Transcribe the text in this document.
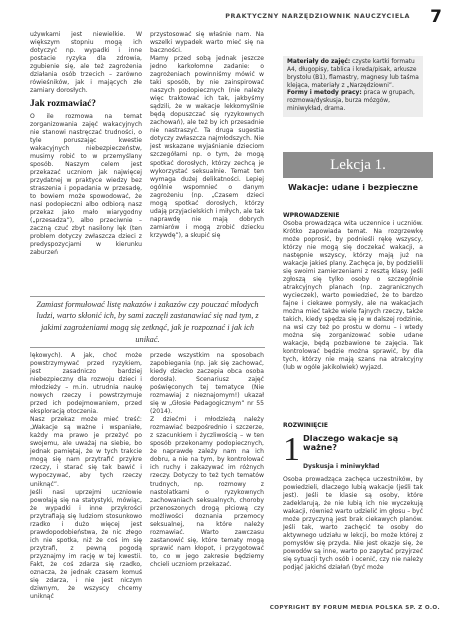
PRAKTYCZNY NARZĘDZIOWNIK NAUCZYCIELA 7

używkami jest niewielkie. W większym stopniu mogą ich dotyczyć np. wypadki i inne postacie ryzyka dla zdrowia, zgubienie się, ale też zagrożenia działania osób trzecich – zarówno rówieśników, jak i mających złe zamiary dorosłych.

Jak rozmawiać?

O ile rozmowa na temat zorganizowania zajęć wakacyjnych nie stanowi nastręczać trudności, o tyle poruszając kwestie wakacyjnych niebezpieczeństw, musimy robić to w przemyślany sposób. Naszym celem jest przekazać uczniom jak najwięcej przydatnej w praktyce wiedzy bez straszenia i popadania w przesadę, to bowiem może spowodować, że nasi podopieczni albo odbiorą nasz przekaz jako mało wiarygodny („przesadza”), albo przeciwnie – zaczną czuć zbyt nasilony lęk (ten problem dotyczy zwłaszcza dzieci z predyspozycjami w kierunku zaburzeń

przystosować się właśnie nam. Na wszelki wypadek warto mieć się na baczności.

Mamy przed sobą jednak jeszcze jedno karkołomne zadanie: o zagrożeniach powinniśmy mówić w taki sposób, by nie zainspirować naszych podopiecznych (nie należy więc traktować ich tak, jakbyśmy sądzili, że w wakacje lekkomyślnie będą dopuszczać się ryzykownych zachowań), ale też by ich przesadnie nie nastraszyć. Ta druga sugestia dotyczy zwłaszcza najmłodszych. Nie jest wskazane wyjaśnianie dzieciom szczegółami np. o tym, że mogą spotkać dorosłych, którzy zechcą je wykorzystać seksualnie. Temat ten wymaga dużej delikatności. Lepiej ogólnie wspomnieć o danym zagrożeniu (np. „Czasem dzieci mogą spotkać dorosłych, którzy udają przyjacielskich i miłych, ale tak naprawdę nie mają dobrych zamiarów i mogą zrobić dziecku krzywdę”), a skupić się

Zamiast formułować listę nakazów i zakazów czy pouczać młodych ludzi, warto skłonić ich, by sami zaczęli zastanawiać się nad tym, z jakimi zagrożeniami mogą się zetknąć, jak je rozpoznać i jak ich unikać.

lękowych). A jak, choć może powstrzymywać przed ryzykiem, jest zasadniczo bardziej niebezpieczny dla rozwoju dzieci i młodzieży – m.in. utrudnia naukę nowych rzeczy i powstrzymuje przed ich podejmowaniem, przed eksploracją otoczenia.

Nasz przekaz może mieć treść: „Wakacje są ważne i wspaniałe, każdy ma prawo je przeżyć po swojemu, ale uważaj na siebie, bo jednak pamiętaj, że w tych trakcie mogą się nam przytrafić przykre rzeczy, i starać się tak bawić i wypoczywać, aby tych rzeczy uniknąć”.

Jeśli nasi uprzejmi uczniowie powołają się na statystyki, mówiąc, że wypadki i inne przykrości przytrafiają się ludziom stosunkowo rzadko i dużo więcej jest prawdopodobieństwa, że nic złego ich nie spotka, niż że coś im się przytrafi, z pewną pogodą przyznajmy im rację w tej kwestii. Fakt, że coś zdarza się rzadko, oznacza, że jednak czasem komuś się zdarza, i nie jest niczym dziwnym, że wszyscy chcemy uniknąć

przede wszystkim na sposobach zapobiegania (np. jak się zachować, kiedy dziecko zaczepia obca osoba dorosła). Scenariusz zajęć poświęconych tej tematyce (Nie rozmawiaj z nieznajomym!) ukazał się w „Głosie Pedagogicznym” nr 55 (2014).

Z dziećmi i młodzieżą należy rozmawiać bezpośrednio i szczerze, z szacunkiem i życzliwością – w ten sposób przekonamy podopiecznych, że naprawdę zależy nam na ich dobru, a nie na tym, by kontrolować ich ruchy i zakazywać im różnych rzeczy. Dotyczy to też tych tematów trudnych, np. rozmowy z nastolatkami o ryzykownych zachowaniach seksualnych, choroby przenoszonych drogą płciową czy możliwości doznania przemocy seksualnej, na które należy rozmawiać. Warto zawczasu zastanowić się, które tematy mogą sprawić nam kłopot, i przygotować to, co w jego zakresie będziemy chcieli uczniom przekazać.

Materiały do zajęć: czyste kartki formatu A4, długopisy, tablica i kreda/pisak, arkusze brystolu (B1), flamastry, magnesy lub taśma klejąca, materiały z „Narzędziowni”.
Formy i metody pracy: praca w grupach, rozmowa/dyskusja, burza mózgów, miniwykład, drama.
Lekcja 1.
Wakacje: udane i bezpieczne
WPROWADZENIE

Osoba prowadząca wita uczennice i uczniów. Krótko zapowiada temat. Na rozgrzewkę może poprosić, by podnieśli rękę wszyscy, którzy nie mogą się doczekać wakacji, a następnie wszyscy, którzy mają już na wakacje jakieś plany. Zachęca je, by podzielili się swoimi zamierzeniami z resztą klasy. Jeśli zgłoszą się tylko osoby o szczególnie atrakcyjnych planach (np. zagranicznych wycieczek), warto powiedzieć, że to bardzo fajne i ciekawe pomysły, ale na wakacjach można mieć także wiele fajnych rzeczy, także takich, kiedy spędza się je w dalszej rodzinie, na wsi czy też po prostu w domu – i wtedy można się zorganizować sobie udane wakacje, będą pozbawione te zajęcia. Tak kontrolować będzie można sprawić, by dla tych, którzy nie mają szans na atrakcyjny (lub w ogóle jakikolwiek) wyjazd.

ROZWINIĘCIE
1 Dlaczego wakacje są ważne?
Dyskusja i miniwykład

Osoba prowadząca zachęca uczestników, by powiedzieli, dlaczego lubią wakacje (jeśli tak jest). Jeśli te klasie są osoby, które zadeklarują, że nie lubią ich nie wyczekują wakacji, również warto udzielić im głosu – być może przyczyną jest brak ciekawych planów. Jeśli tak, warto zachęcić te osoby do aktywnego udziału w lekcji, bo może której z pomysłów się przyda. Nie jest okazje się, że powodów są inne, warto po zapytać przyjrzeć się sytuacji tych osób i ocenić, czy nie należy podjąć jakichś działań (być może

COPYRIGHT BY FORUM MEDIA POLSKA SP. Z O.O.
